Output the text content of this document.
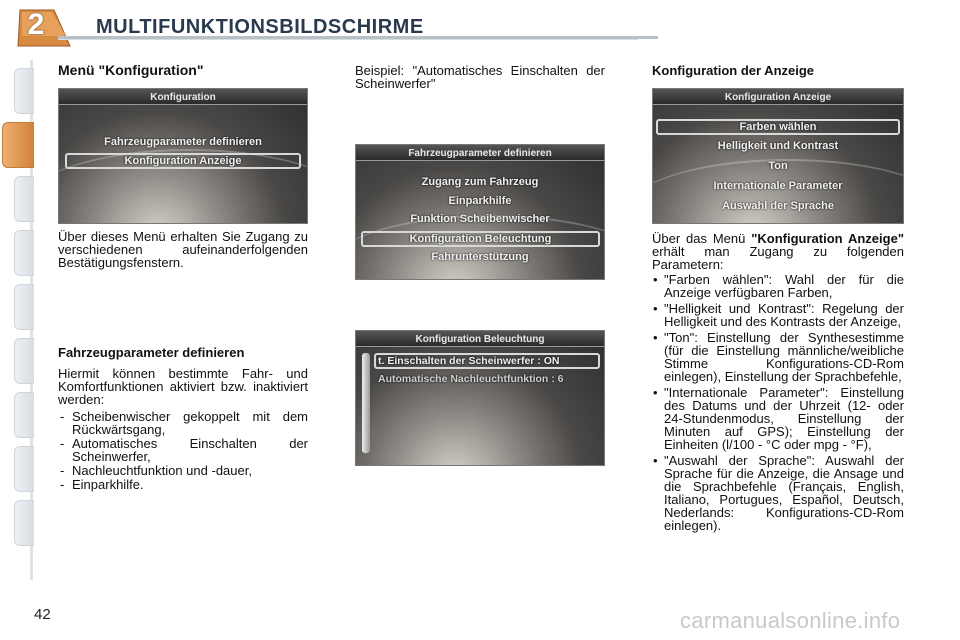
2	MULTIFUNKTIONSBILDSCHIRME
Menü "Konfiguration"
Konfiguration
Fahrzeugparameter definieren
Konfiguration Anzeige
Über dieses Menü erhalten Sie Zugang zu verschiedenen aufeinanderfolgenden Bestätigungsfenstern.
Fahrzeugparameter definieren

Hiermit können bestimmte Fahr- und Komfortfunktionen aktiviert bzw. inaktiviert werden:

- Scheibenwischer gekoppelt mit dem Rückwärtsgang,
- Automatisches Einschalten der Scheinwerfer,
- Nachleuchtfunktion und -dauer,
- Einparkhilfe.
Beispiel: "Automatisches Einschalten der Scheinwerfer"
Fahrzeugparameter definieren
Zugang zum Fahrzeug
Einparkhilfe
Funktion Scheibenwischer
Konfiguration Beleuchtung
Fahrunterstützung
Konfiguration Beleuchtung
t. Einschalten der Scheinwerfer : ON
Automatische Nachleuchtfunktion : 6
Konfiguration der Anzeige
Konfiguration Anzeige
Farben wählen
Helligkeit und Kontrast
Ton
Internationale Parameter
Auswahl der Sprache
Über das Menü "Konfiguration Anzeige" erhält man Zugang zu folgenden Parametern:
• "Farben wählen": Wahl der für die Anzeige verfügbaren Farben,
• "Helligkeit und Kontrast": Regelung der Helligkeit und des Kontrasts der Anzeige,
• "Ton": Einstellung der Synthesestimme (für die Einstellung männliche/weibliche Stimme Konfigurations-CD-Rom einlegen), Einstellung der Sprachbefehle,
• "Internationale Parameter": Einstellung des Datums und der Uhrzeit (12- oder 24-Stundenmodus, Einstellung der Minuten auf GPS); Einstellung der Einheiten (l/100 - °C oder mpg - °F),
• "Auswahl der Sprache": Auswahl der Sprache für die Anzeige, die Ansage und die Sprachbefehle (Français, English, Italiano, Portugues, Español, Deutsch, Nederlands: Konfigurations-CD-Rom einlegen).
42	carmanualsonline.info
